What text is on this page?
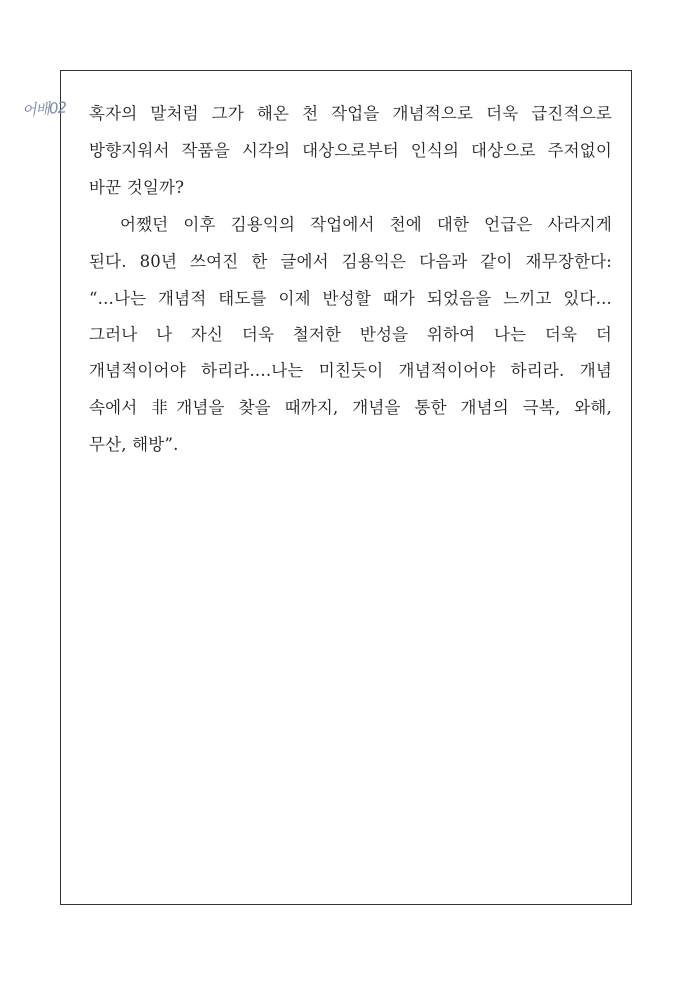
어배02 혹자의 말처럼 그가 해온 천 작업을 개념적으로 더욱 급진적으로
방향지워서 작품을 시각의 대상으로부터 인식의 대상으로 주저없이
바꾼 것일까?
어쨌던 이후 김용익의 작업에서 천에 대한 언급은 사라지게
된다. 80년 쓰여진 한 글에서 김용익은 다음과 같이 재무장한다:
“...나는 개념적 태도를 이제 반성할 때가 되었음을 느끼고 있다...
그러나 나 자신 더욱 철저한 반성을 위하여 나는 더욱 더
개념적이어야 하리라....나는 미친듯이 개념적이어야 하리라. 개념
속에서 非개념을 찾을 때까지, 개념을 통한 개념의 극복, 와해,
무산, 해방”.
